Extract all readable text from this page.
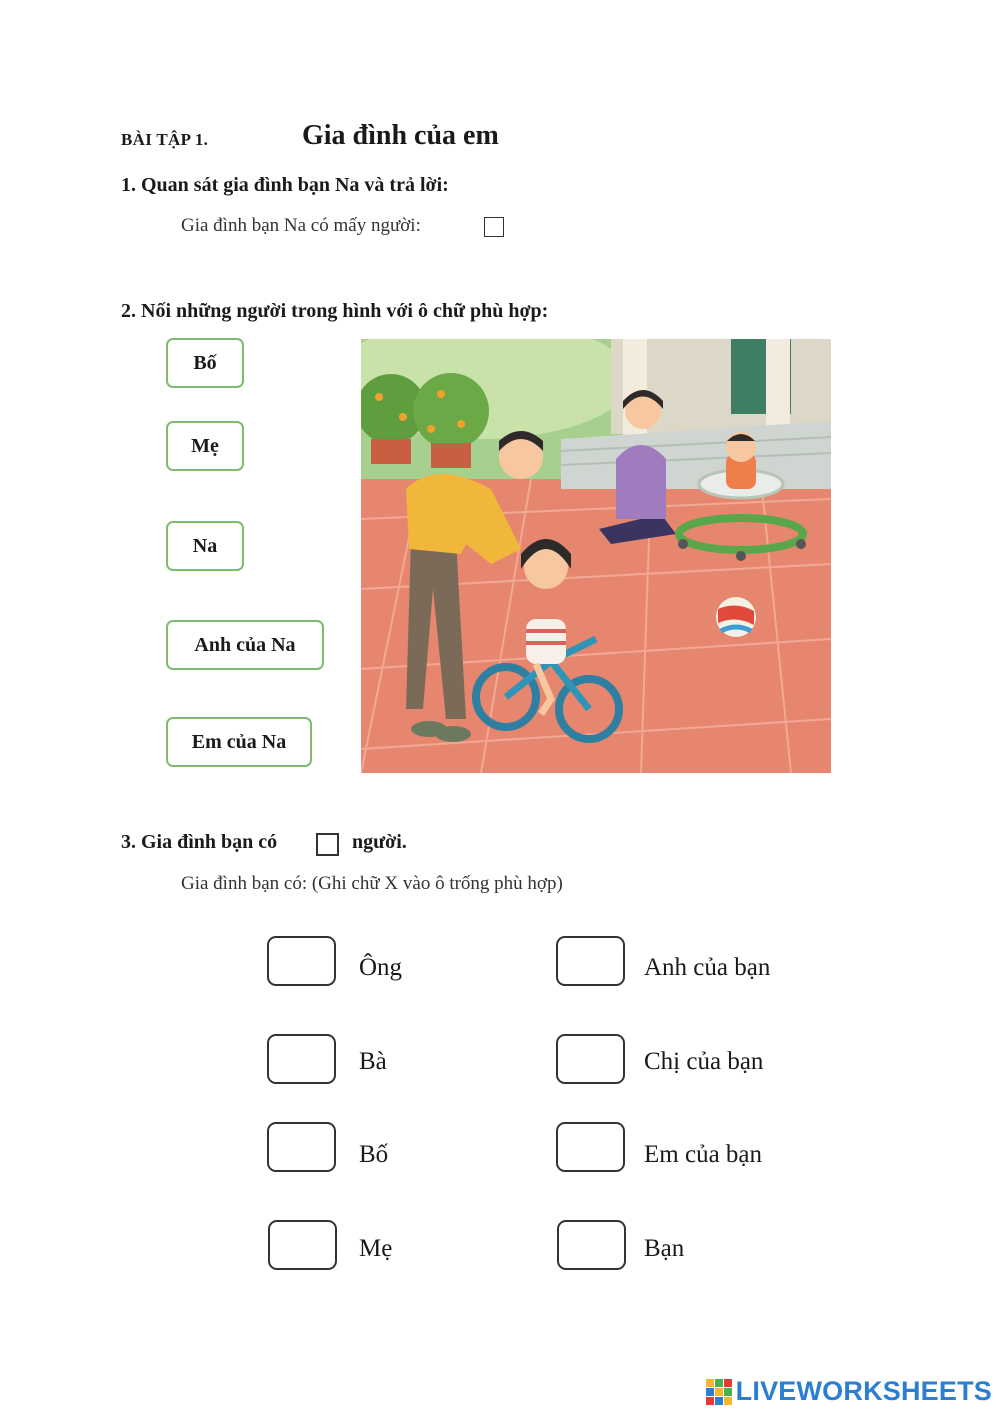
BÀI TẬP 1.	Gia đình của em
1. Quan sát gia đình bạn Na và trả lời:
Gia đình bạn Na có mấy người:
2. Nối những người trong hình với ô chữ phù hợp:
Bố
Mẹ
Na
Anh của Na
Em của Na
3. Gia đình bạn có	người.
Gia đình bạn có: (Ghi chữ X vào ô trống phù hợp)
Ông
Bà
Bố
Mẹ
Anh của bạn
Chị của bạn
Em của bạn
Bạn
LIVEWORKSHEETS
